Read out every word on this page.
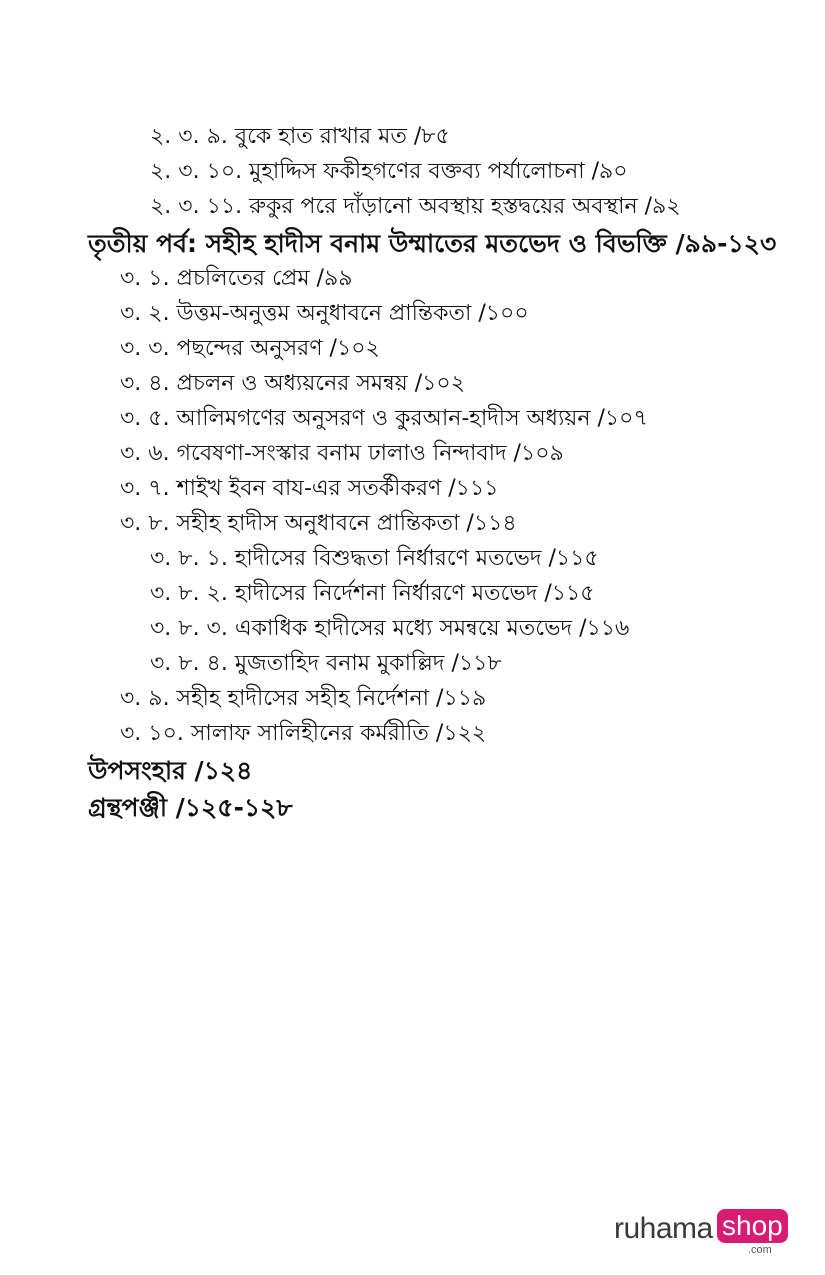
২. ৩. ৯. বুকে হাত রাখার মত /৮৫
২. ৩. ১০. মুহাদ্দিস ফকীহগণের বক্তব্য পর্যালোচনা /৯০
২. ৩. ১১. রুকুর পরে দাঁড়ানো অবস্থায় হস্তদ্বয়ের অবস্থান /৯২
তৃতীয় পর্ব: সহীহ হাদীস বনাম উম্মাতের মতভেদ ও বিভক্তি /৯৯-১২৩
৩. ১. প্রচলিতের প্রেম /৯৯
৩. ২. উত্তম-অনুত্তম অনুধাবনে প্রান্তিকতা /১০০
৩. ৩. পছন্দের অনুসরণ /১০২
৩. ৪. প্রচলন ও অধ্যয়নের সমন্বয় /১০২
৩. ৫. আলিমগণের অনুসরণ ও কুরআন-হাদীস অধ্যয়ন /১০৭
৩. ৬. গবেষণা-সংস্কার বনাম ঢালাও নিন্দাবাদ /১০৯
৩. ৭. শাইখ ইবন বায-এর সতর্কীকরণ /১১১
৩. ৮. সহীহ হাদীস অনুধাবনে প্রান্তিকতা /১১৪
৩. ৮. ১. হাদীসের বিশুদ্ধতা নির্ধারণে মতভেদ /১১৫
৩. ৮. ২. হাদীসের নির্দেশনা নির্ধারণে মতভেদ /১১৫
৩. ৮. ৩. একাধিক হাদীসের মধ্যে সমন্বয়ে মতভেদ /১১৬
৩. ৮. ৪. মুজতাহিদ বনাম মুকাল্লিদ /১১৮
৩. ৯. সহীহ হাদীসের সহীহ নির্দেশনা /১১৯
৩. ১০. সালাফ সালিহীনের কর্মরীতি /১২২
উপসংহার /১২৪
গ্রন্থপঞ্জী /১২৫-১২৮
ruhama shop
.com
